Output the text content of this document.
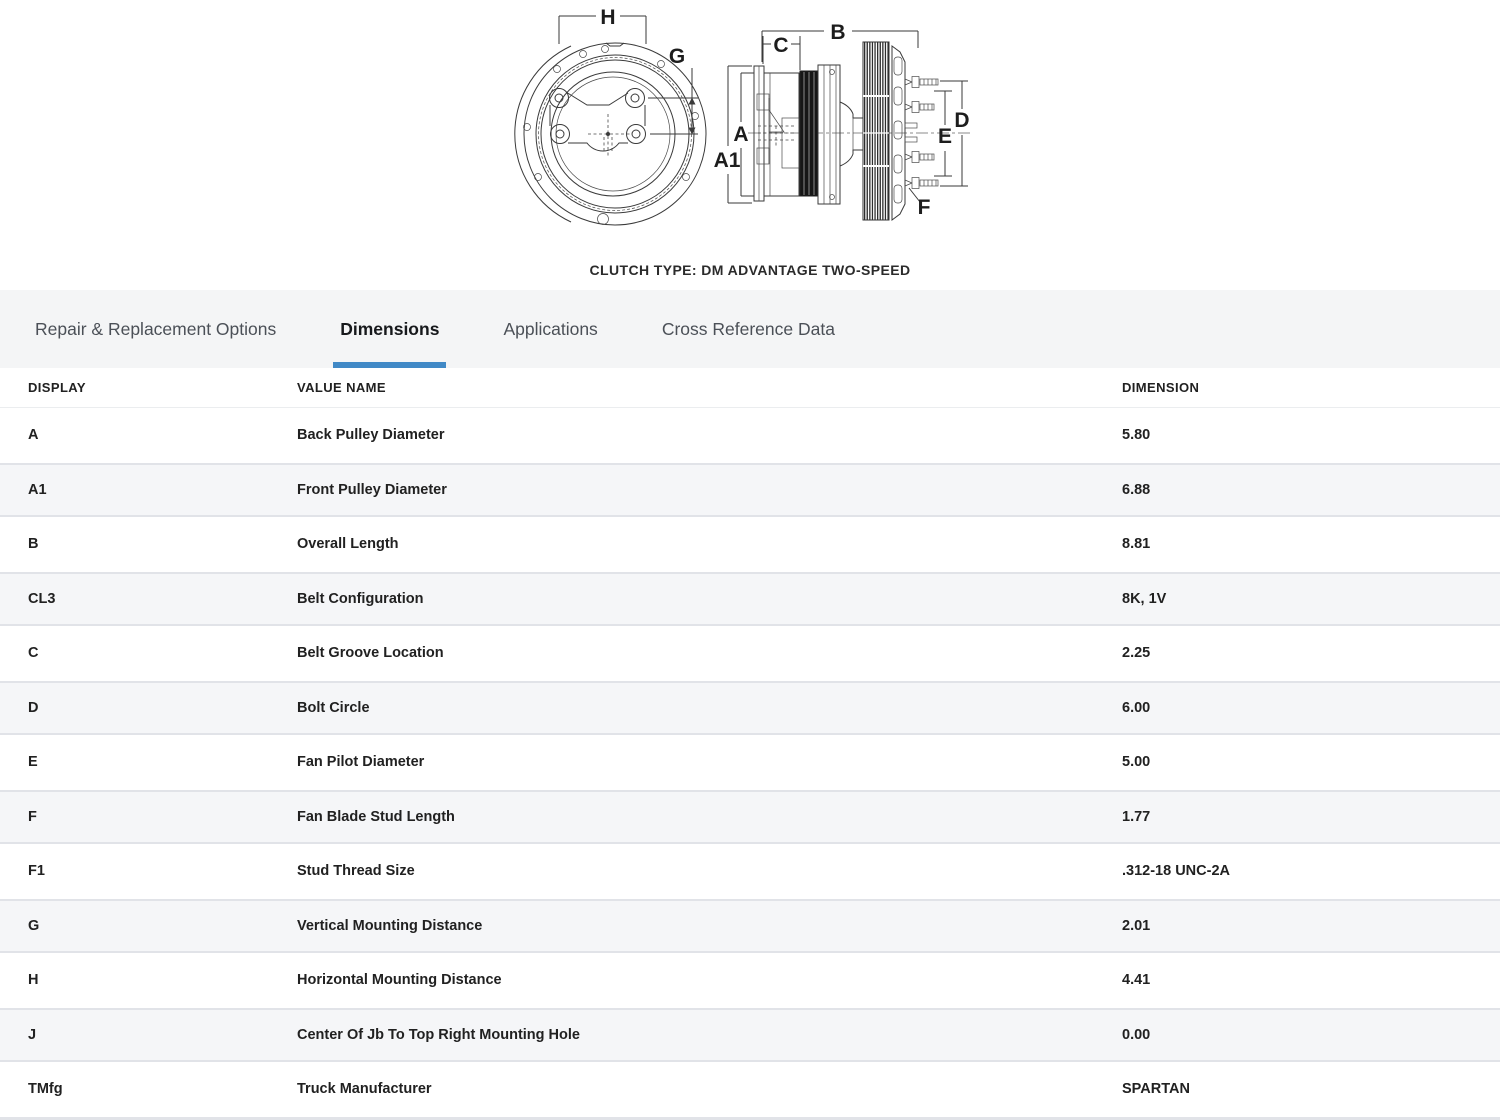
H
G
B
C
A
A1
D
E
F
CLUTCH TYPE: DM ADVANTAGE TWO-SPEED
Repair & Replacement Options	Dimensions	Applications	Cross Reference Data
DISPLAY	VALUE NAME	DIMENSION
A	Back Pulley Diameter	5.80
A1	Front Pulley Diameter	6.88
B	Overall Length	8.81
CL3	Belt Configuration	8K, 1V
C	Belt Groove Location	2.25
D	Bolt Circle	6.00
E	Fan Pilot Diameter	5.00
F	Fan Blade Stud Length	1.77
F1	Stud Thread Size	.312-18 UNC-2A
G	Vertical Mounting Distance	2.01
H	Horizontal Mounting Distance	4.41
J	Center Of Jb To Top Right Mounting Hole	0.00
TMfg	Truck Manufacturer	SPARTAN
